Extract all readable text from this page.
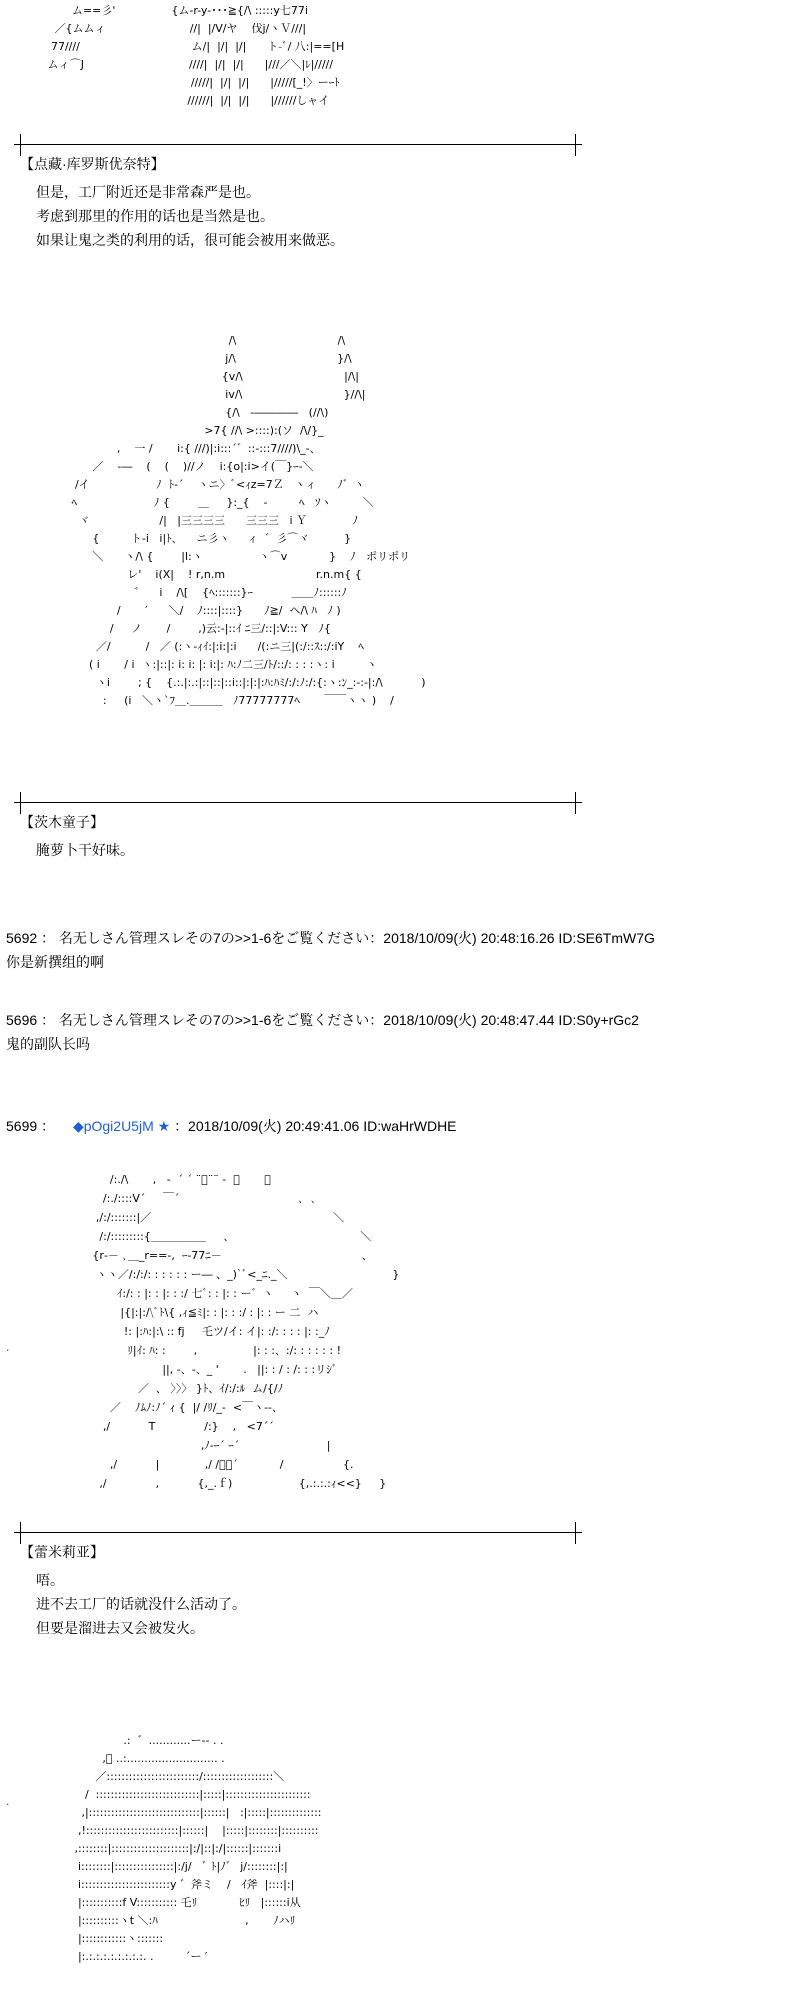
ム==彡'                {ム-r-y-･･･≧{/\ :::::y七77i
／{ムムィ                        //|  |/V/ヤ    伐j/ヽＶ///|
77////                                ム/|  |/|  |/|      ト-ﾞ/ 八:|==[H
ムィ⌒J                              ////|  |/|  |/|      |///／＼|ﾚ|/////
/////|  |/|  |/|      |/////[_!〉ーｰﾄ
//////|  |/|  |/|      |//////しャイ
【点藏·库罗斯优奈特】
但是，工厂附近还是非常森严是也。
考虑到那里的作用的话也是当然是也。
如果让鬼之类的利用的话，很可能会被用来做恶。
/\                             /\
j/\                             }/\
{v/\                             |/\|
iv/\                             }//\|
{/\   -――――   (//\)
>7{ //\ >::::):(ソ  /\/}_
,    一 /       i:{ ///)|:i:::´゛::‐:::7////)\_-、
／    ‐―    (    (    )//ノ    i:{o|:i>イ(￣}ｰ‐＼
/イ                   ﾉ  ﾄ-´    ヽニ〉ﾞ<ｨz=7Ｚ   ヽィ      ﾉ゛ヽ
ﾍ                      ﾉ {        ＿     }:_{    -         ﾍ   ｿヽ         ＼
ヾ                    /|   |三三三三      三三三   i Ｙ             ﾉ
{         ト-i   i|ﾄ、    ニ彡ヽ     ィ  ゛彡⌒ヾ          }
＼      ヽ/\ {        |l:ヽ                ヽ⌒v            }    ﾉ   ポリポリ
レ'    i(X|    ! r,n.m                          r.n.m{ {
゛    i    /\[    {ﾍ:::::::}ｰ           ＿＿ﾉ::::::ﾉ
/       ′      ＼/    ﾉ::::|::::}      ﾉ≧/  ヘ/\ ﾊ   ﾉ )
/     ノ       /        ,)云:-|::ｲ ﾆ三/::|:V::: Y   ﾉ{
／/          /   ／ (:ヽ‐ｨｲ:|:i:|:i      /(:ニ三|(:/::ｽ::/:iY    ﾍ
( i       / i  ヽ:|::|: i: i: |: i:|: ﾊ:ﾉ二三/ﾄ/::/: : : :ヽ: i         ヽ
ヽi        ; {    {.:.|:.:|::|::|::i::|:|:|:ﾊ:ﾊﾐ/:/:ﾉ:/:{:ヽ:ﾝ_:‐:‐|:/\           )
:     (i   ＼ヽ`ﾌ＿.＿＿＿   ﾉ77777777ﾍ       ￣￣ヽヽ )    /
【茨木童子】
腌萝卜干好味。
5692 ： 名无しさん管理スレその7の>>1-6をご覧ください：2018/10/09(火) 20:48:16.26 ID:SE6TmW7G
你是新撰组的啊
5696 ： 名无しさん管理スレその7の>>1-6をご覧ください：2018/10/09(火) 20:48:47.44 ID:S0y+rGc2
鬼的副队长吗
5699 ： ◆pOgi2U5jM ★ ：2018/10/09(火) 20:49:41.06 ID:waHrWDHE
.
/:./\       ,   -  ´ ´ ¨ﾞ¨¨ ‐  、       、
/:./::::V´     ￣´                                  ､  ､
,/:/:::::::|／                                                    ＼
/:/:::::::::{＿＿＿＿＿     、                                    ＼
{r‐－ ､＿_r==-,  ｰ-77ﾆ－                                        、
ヽヽ／/:/:/: : : : : : ー― 、_)`ﾞ<_ﾆ._＼                              }
ｲ:/: : |: : |: : :/ 七ﾞ: : |: : ー゛ヽ     ヽ  ￣＼＿／
|{|:|:/\ﾞﾄ\{ ,ｨ≦ﾐ|: : |: : :/ : |: : ー 二  ハ
!: |:ﾊ:|:\ :: fj     乇ツ/イ: イ|: :/: : : : |: :_ﾉ
ﾘ|ｲ: ﾊ: :        ,                |: : :、:/: : : : : : !
||, -、‐、_ '       .   ||: : / : /: : :リｼﾞ
／  、 〉〉〉 }ﾄ、ｲ/:/:ﾙ  ム/{/ﾉ
／    ﾉﾑﾉ:ﾉ´ ｨ {  |/ /ﾘ/_-  <￣ヽ‐-、
,/           T              /:}    ,   <7´´
,ﾉ-ｰ´ ｰ´                         |
,/           |             ,/ /ﾞ￣´            /                 {.
,/              ,           {,_.ｆ)                   {,.:.:.:ｨ<<}     }
【蕾米莉亚】
唔。
进不去工厂的话就没什么活动了。
但要是溜进去又会被发火。
.
.:  ゛............ー-- . .
,ﾞ ..:.......................... .
／:::::::::::::::::::::::::/:::::::::::::::::::＼
/  ::::::::::::::::::::::::::::|:::::|:::::::::::::::::::::::
,|::::::::::::::::::::::::::::::|::::::|   :|:::::|::::::::::::::
,!:::::::::::::::::::::::::|::::::|    |:::::|::::::::|::::::::::
,::::::::|:::::::::::::::::::::|:/|::|:/|::::::|:::::::i
i::::::::|::::::::::::::::|:/j/   ﾞ ﾄ|ﾉ゛ j/::::::::|:|
i::::::::::::::::::::::::y ゛斧ミ    /   ｲ斧  |::::|:|
|:::::::::::f V::::::::::: 乇ﾘ            ﾋﾘ   |::::::i从
|::::::::::ヽt ＼:ﾊ                         ,       ﾉハﾘ
|::::::::::::ヽ:::::::
|:.:.:.:.:.:.:.:.:. .         ´ー ′
